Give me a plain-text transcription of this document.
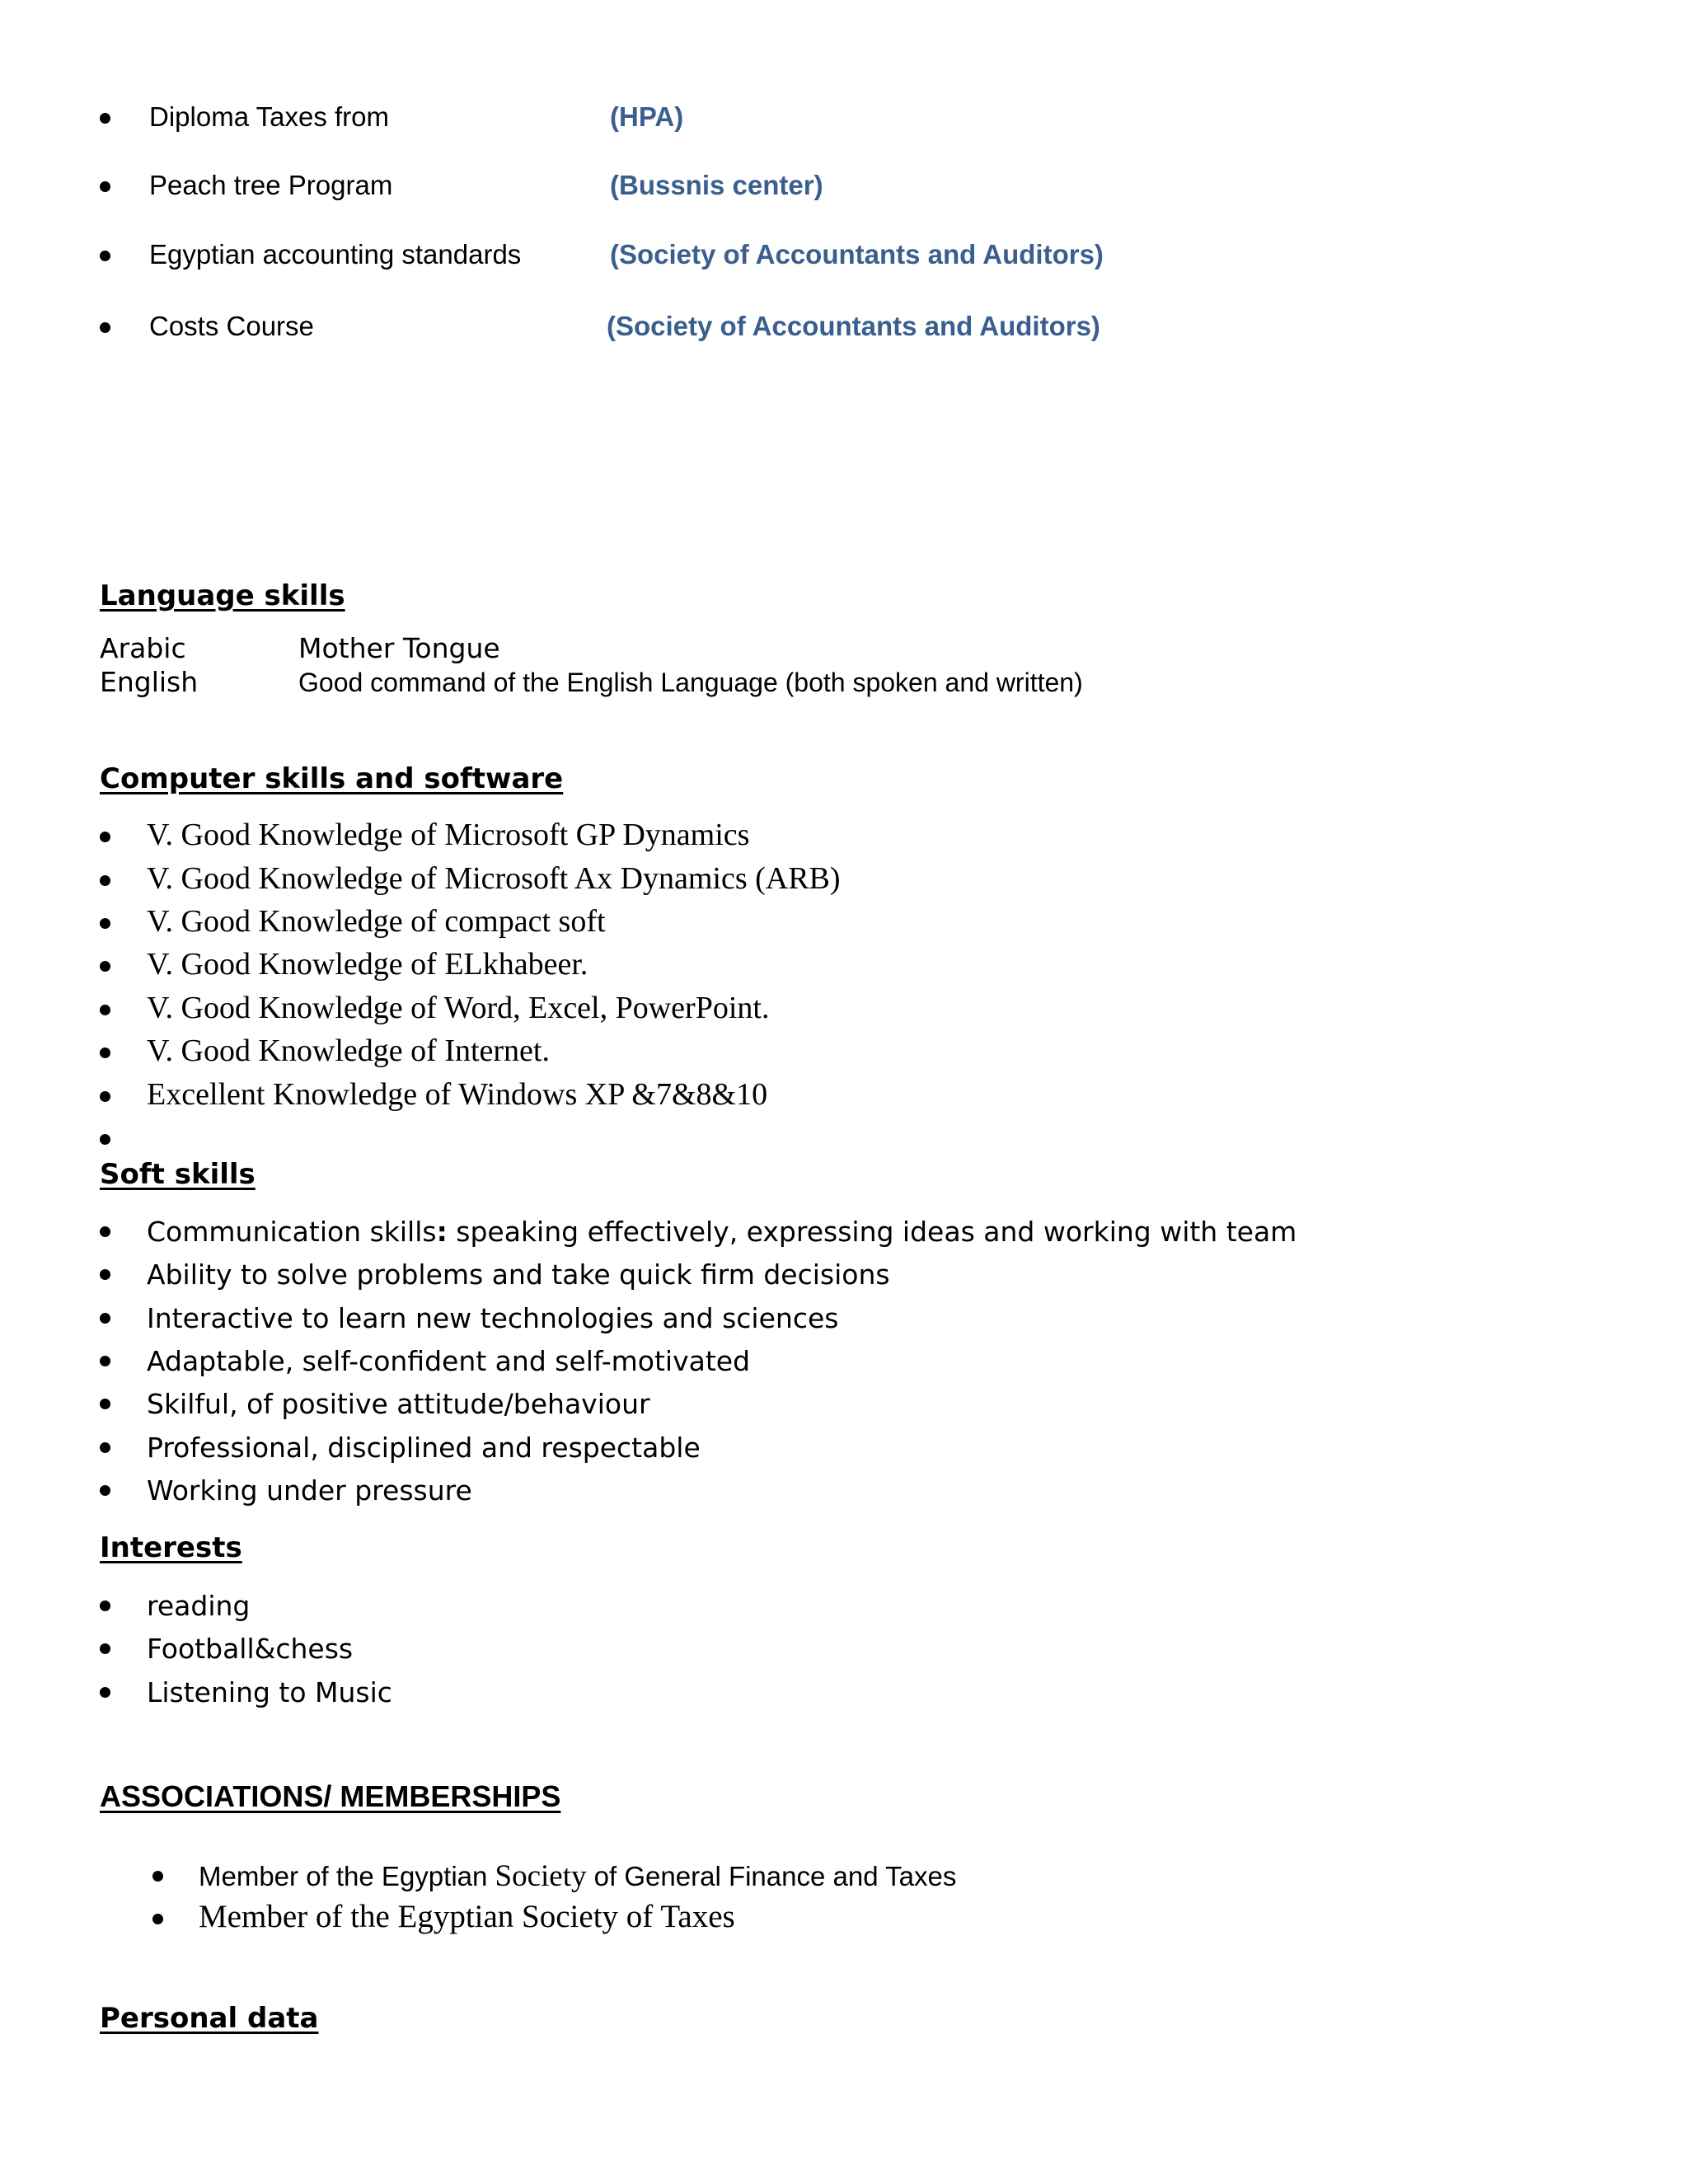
Diploma Taxes from	(HPA)
Peach tree Program	(Bussnis center)
Egyptian accounting standards	(Society of Accountants and Auditors)
Costs Course	(Society of Accountants and Auditors)
Language skills
Arabic	Mother Tongue
English	Good command of the English Language (both spoken and written)
Computer skills and software
V. Good Knowledge of Microsoft GP Dynamics
V. Good Knowledge of Microsoft Ax Dynamics (ARB)
V. Good Knowledge of compact soft
V. Good Knowledge of ELkhabeer.
V. Good Knowledge of Word, Excel, PowerPoint.
V. Good Knowledge of Internet.
Excellent Knowledge of Windows XP &7&8&10
Soft skills
Communication skills: speaking effectively, expressing ideas and working with team
Ability to solve problems and take quick firm decisions
Interactive to learn new technologies and sciences
Adaptable, self-confident and self-motivated
Skilful, of positive attitude/behaviour
Professional, disciplined and respectable
Working under pressure
Interests
reading
Football&chess
Listening to Music
ASSOCIATIONS/ MEMBERSHIPS
Member of the Egyptian Society of General Finance and Taxes
Member of the Egyptian Society of Taxes
Personal data
